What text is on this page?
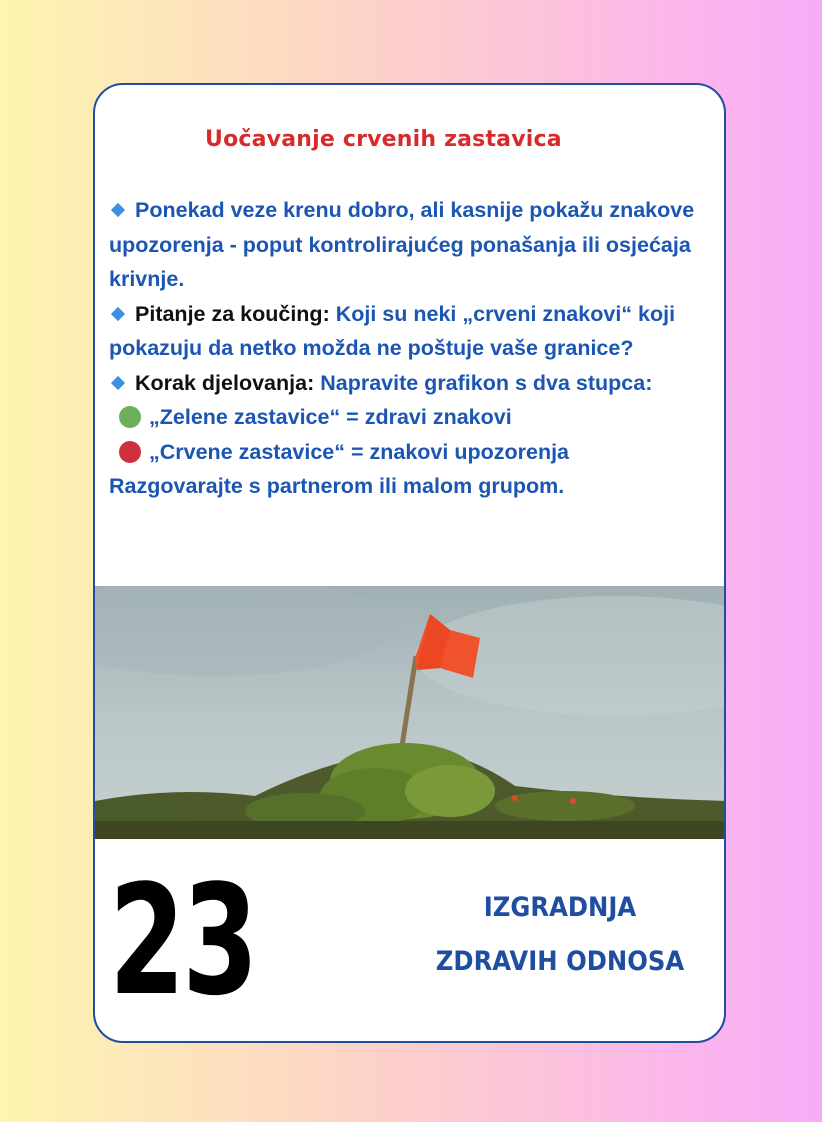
Uočavanje crvenih zastavica

Ponekad veze krenu dobro, ali kasnije pokažu znakove upozorenja - poput kontrolirajućeg ponašanja ili osjećaja krivnje.

Pitanje za koučing: Koji su neki „crveni znakovi“ koji pokazuju da netko možda ne poštuje vaše granice?

Korak djelovanja: Napravite grafikon s dva stupca:

„Zelene zastavice“ = zdravi znakovi

„Crvene zastavice“ = znakovi upozorenja

Razgovarajte s partnerom ili malom grupom.

23	IZGRADNJA
ZDRAVIH ODNOSA
